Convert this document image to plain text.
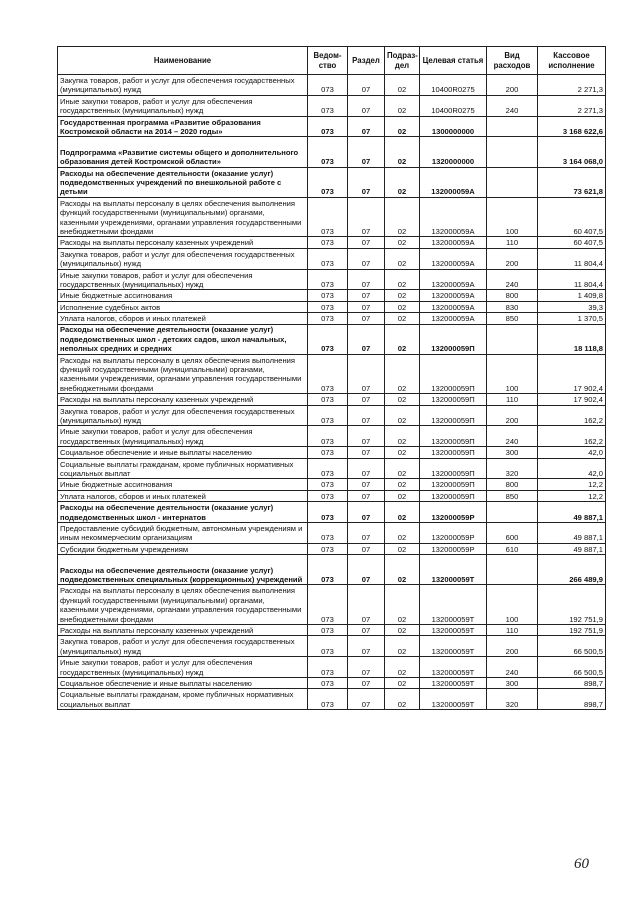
Наименование	Ведом-ство	Раздел	Подраз-дел	Целевая статья	Вид расходов	Кассовое исполнение
Закупка товаров, работ и услуг для обеспечения государственных (муниципальных) нужд	073	07	02	10400R0275	200	2 271,3
Иные закупки товаров, работ и услуг для обеспечения государственных (муниципальных) нужд	073	07	02	10400R0275	240	2 271,3
Государственная программа «Развитие образования Костромской области на 2014 – 2020 годы»	073	07	02	1300000000		3 168 622,6
Подпрограмма «Развитие системы общего и дополнительного образования детей Костромской области»	073	07	02	1320000000		3 164 068,0
Расходы на обеспечение деятельности (оказание услуг) подведомственных учреждений по внешкольной работе с детьми	073	07	02	132000059А		73 621,8
Расходы на выплаты персоналу в целях обеспечения выполнения функций государственными (муниципальными) органами, казенными учреждениями, органами управления государственными внебюджетными фондами	073	07	02	132000059А	100	60 407,5
Расходы на выплаты персоналу казенных учреждений	073	07	02	132000059А	110	60 407,5
Закупка товаров, работ и услуг для обеспечения государственных (муниципальных) нужд	073	07	02	132000059А	200	11 804,4
Иные закупки товаров, работ и услуг для обеспечения государственных (муниципальных) нужд	073	07	02	132000059А	240	11 804,4
Иные бюджетные ассигнования	073	07	02	132000059А	800	1 409,8
Исполнение судебных актов	073	07	02	132000059А	830	39,3
Уплата налогов, сборов и иных платежей	073	07	02	132000059А	850	1 370,5
Расходы на обеспечение деятельности (оказание услуг) подведомственных школ - детских садов, школ начальных, неполных средних и средних	073	07	02	132000059П		18 118,8
Расходы на выплаты персоналу в целях обеспечения выполнения функций государственными (муниципальными) органами, казенными учреждениями, органами управления государственными внебюджетными фондами	073	07	02	132000059П	100	17 902,4
Расходы на выплаты персоналу казенных учреждений	073	07	02	132000059П	110	17 902,4
Закупка товаров, работ и услуг для обеспечения государственных (муниципальных) нужд	073	07	02	132000059П	200	162,2
Иные закупки товаров, работ и услуг для обеспечения государственных (муниципальных) нужд	073	07	02	132000059П	240	162,2
Социальное обеспечение и иные выплаты населению	073	07	02	132000059П	300	42,0
Социальные выплаты гражданам, кроме публичных нормативных социальных выплат	073	07	02	132000059П	320	42,0
Иные бюджетные ассигнования	073	07	02	132000059П	800	12,2
Уплата налогов, сборов и иных платежей	073	07	02	132000059П	850	12,2
Расходы на обеспечение деятельности (оказание услуг) подведомственных школ - интернатов	073	07	02	132000059Р		49 887,1
Предоставление субсидий бюджетным, автономным учреждениям и иным некоммерческим организациям	073	07	02	132000059Р	600	49 887,1
Субсидии бюджетным учреждениям	073	07	02	132000059Р	610	49 887,1
Расходы на обеспечение деятельности (оказание услуг) подведомственных специальных (коррекционных) учреждений	073	07	02	132000059Т		266 489,9
Расходы на выплаты персоналу в целях обеспечения выполнения функций государственными (муниципальными) органами, казенными учреждениями, органами управления государственными внебюджетными фондами	073	07	02	132000059Т	100	192 751,9
Расходы на выплаты персоналу казенных учреждений	073	07	02	132000059Т	110	192 751,9
Закупка товаров, работ и услуг для обеспечения государственных (муниципальных) нужд	073	07	02	132000059Т	200	66 500,5
Иные закупки товаров, работ и услуг для обеспечения государственных (муниципальных) нужд	073	07	02	132000059Т	240	66 500,5
Социальное обеспечение и иные выплаты населению	073	07	02	132000059Т	300	898,7
Социальные выплаты гражданам, кроме публичных нормативных социальных выплат	073	07	02	132000059Т	320	898,7
60
